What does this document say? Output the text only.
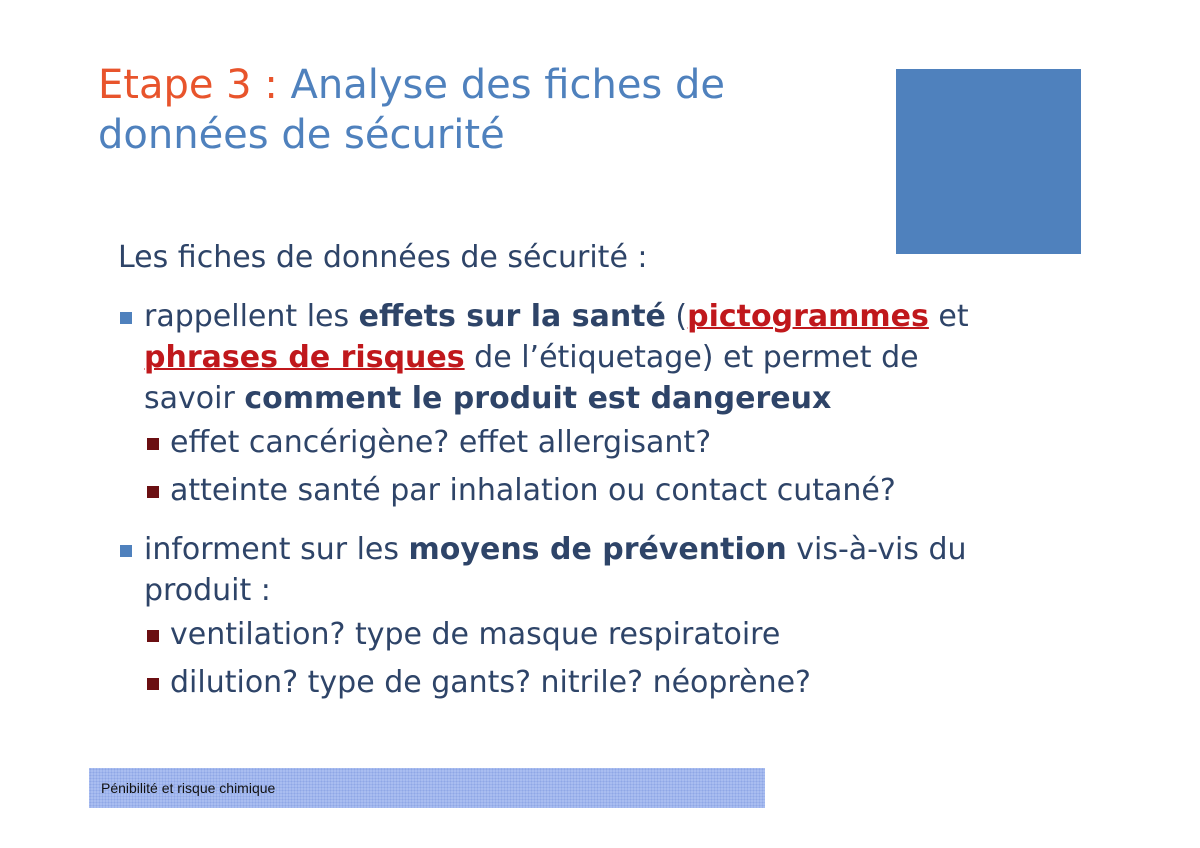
Etape 3 : Analyse des fiches de données de sécurité

Les fiches de données de sécurité :

rappellent les effets sur la santé (pictogrammes et phrases de risques de l’étiquetage) et permet de savoir comment le produit est dangereux

effet cancérigène? effet allergisant?

atteinte santé par inhalation ou contact cutané?

informent sur les moyens de prévention vis-à-vis du produit :

ventilation? type de masque respiratoire

dilution? type de gants? nitrile? néoprène?

Pénibilité et risque chimique
